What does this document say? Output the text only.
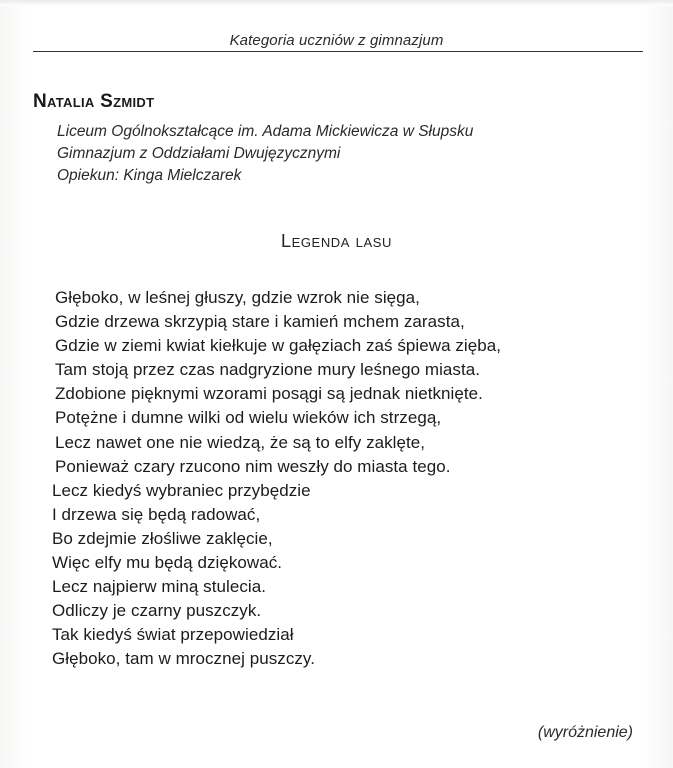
Kategoria uczniów z gimnazjum
Natalia Szmidt
Liceum Ogólnokształcące im. Adama Mickiewicza w Słupsku
Gimnazjum z Oddziałami Dwujęzycznymi
Opiekun: Kinga Mielczarek
Legenda lasu
Głęboko, w leśnej głuszy, gdzie wzrok nie sięga,
Gdzie drzewa skrzypią stare i kamień mchem zarasta,
Gdzie w ziemi kwiat kiełkuje w gałęziach zaś śpiewa zięba,
Tam stoją przez czas nadgryzione mury leśnego miasta.
Zdobione pięknymi wzorami posągi są jednak nietknięte.
Potężne i dumne wilki od wielu wieków ich strzegą,
Lecz nawet one nie wiedzą, że są to elfy zaklęte,
Ponieważ czary rzucono nim weszły do miasta tego.
Lecz kiedyś wybraniec przybędzie
I drzewa się będą radować,
Bo zdejmie złośliwe zaklęcie,
Więc elfy mu będą dziękować.
Lecz najpierw miną stulecia.
Odliczy je czarny puszczyk.
Tak kiedyś świat przepowiedział
Głęboko, tam w mrocznej puszczy.
(wyróżnienie)
